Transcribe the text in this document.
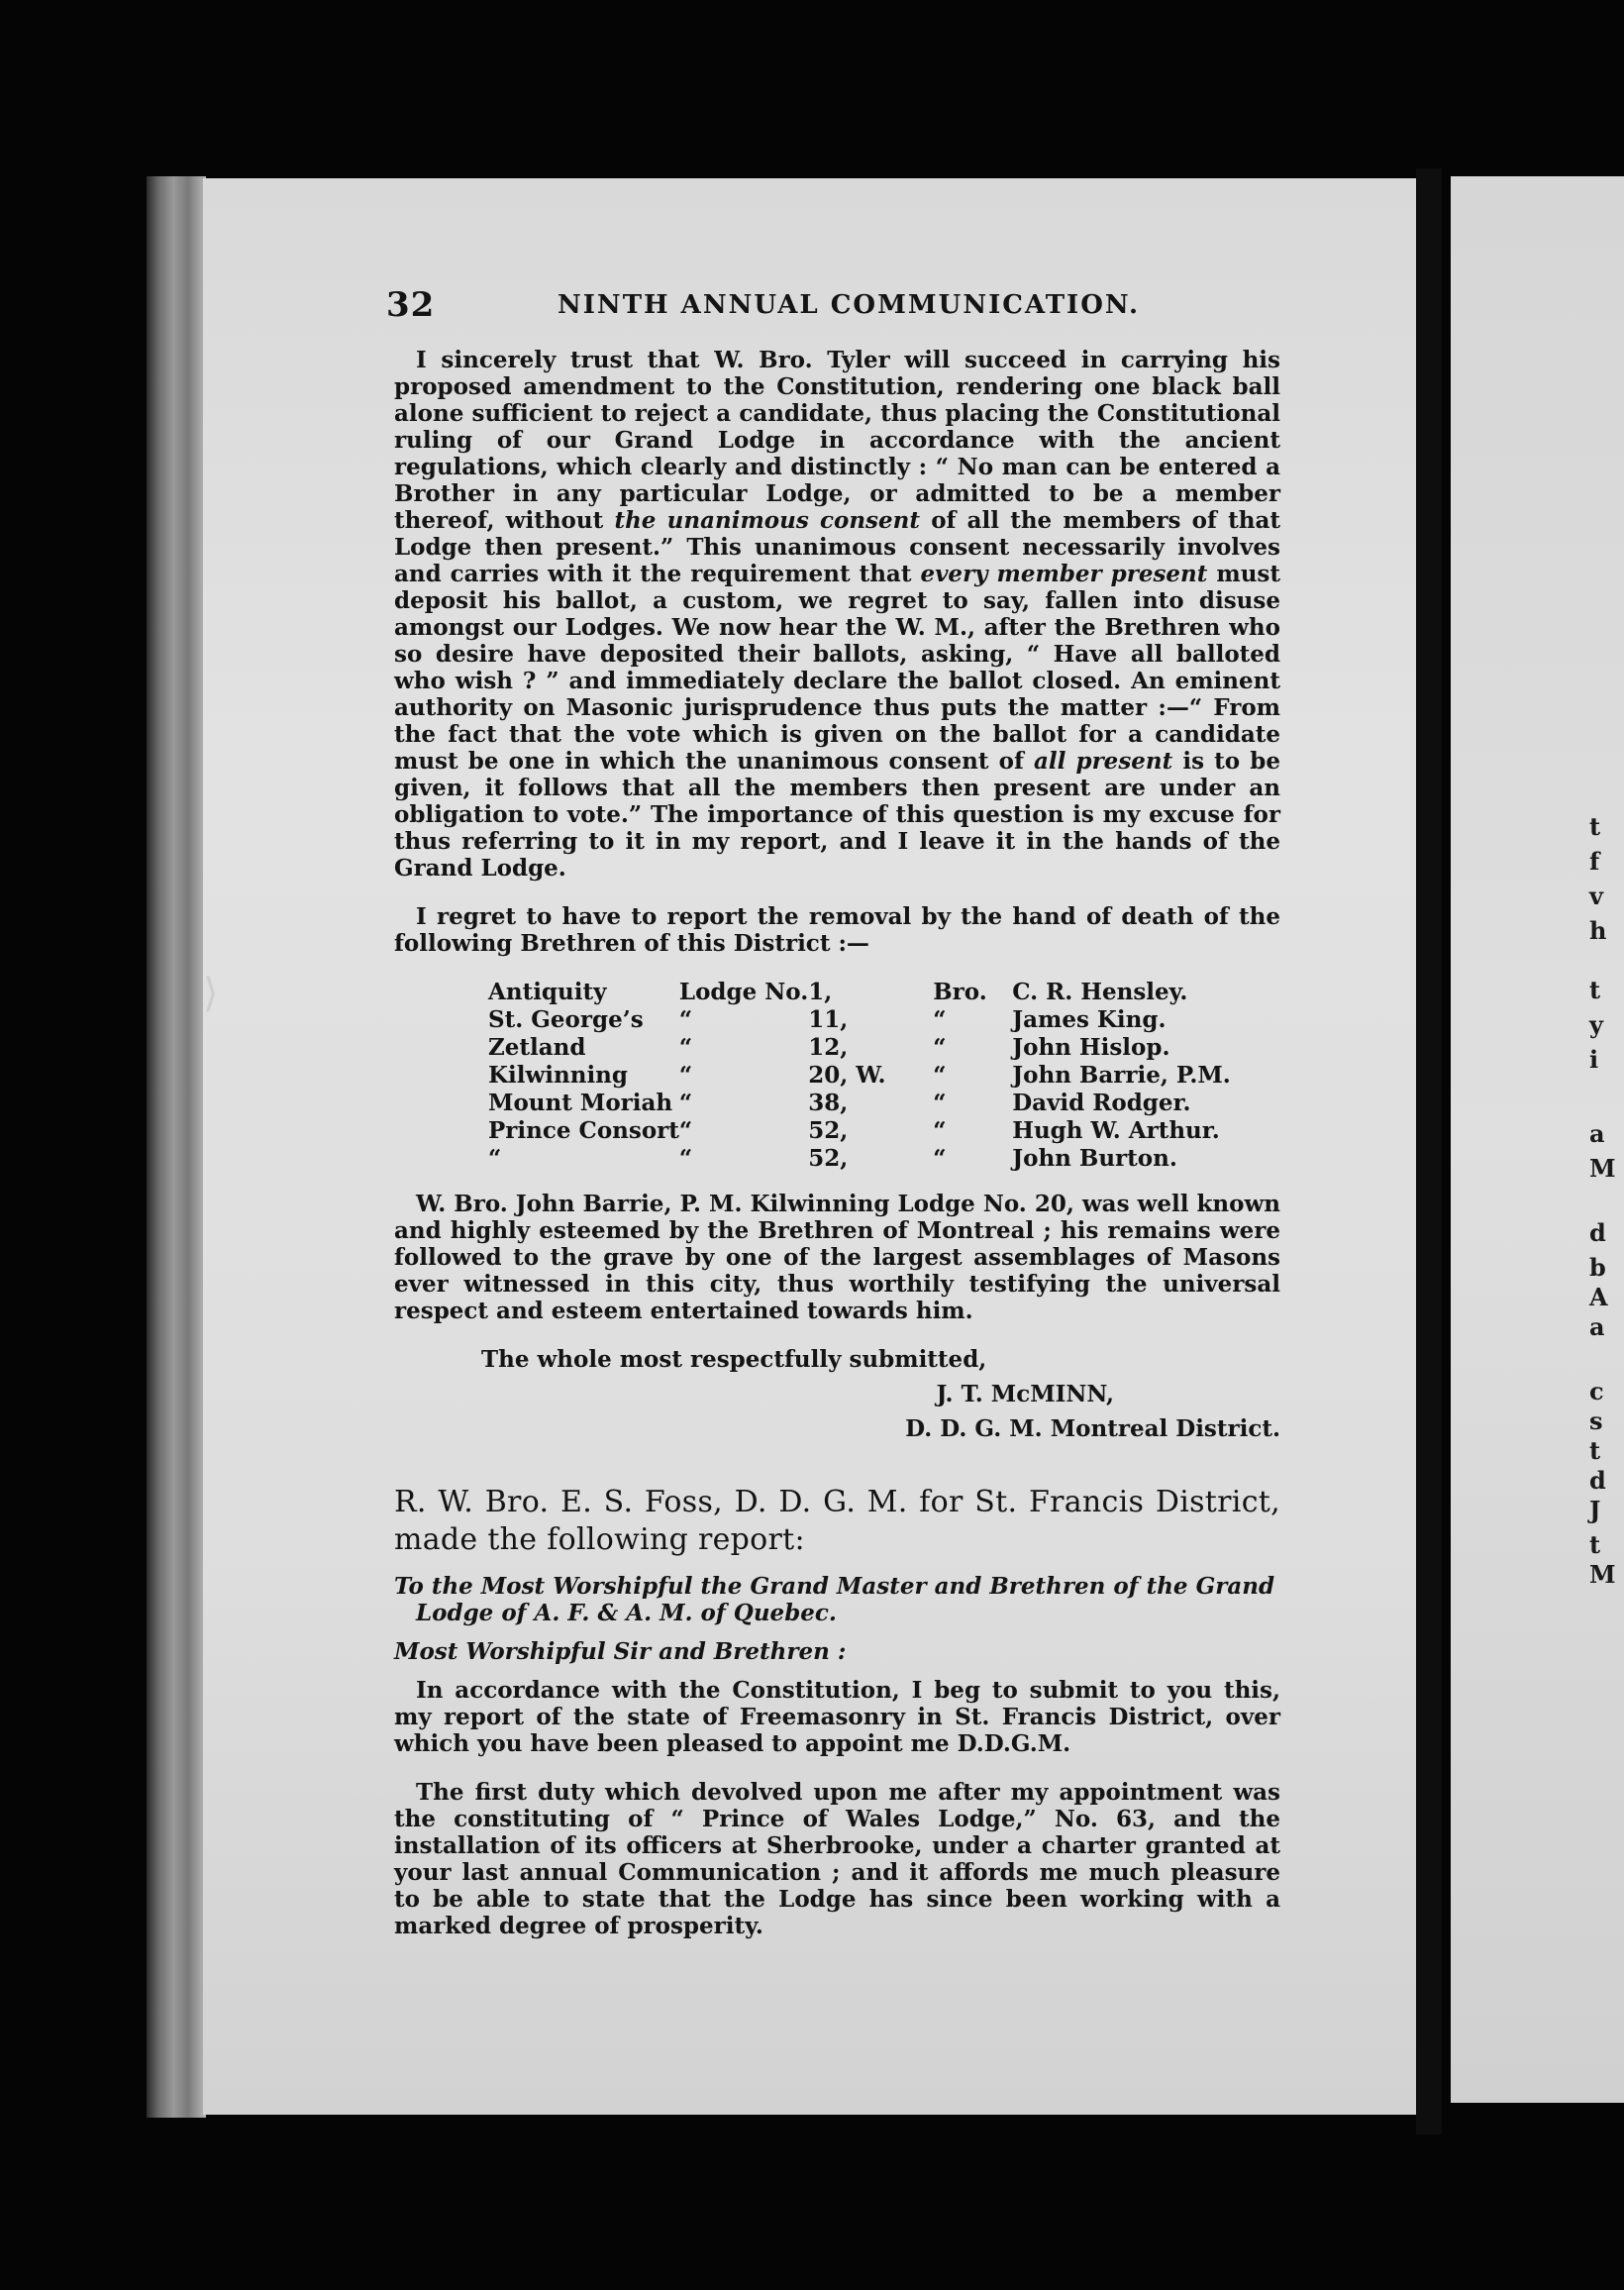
32	NINTH ANNUAL COMMUNICATION.

I sincerely trust that W. Bro. Tyler will succeed in carrying his proposed amendment to the Constitution, rendering one black ball alone sufficient to reject a candidate, thus placing the Constitutional ruling of our Grand Lodge in accordance with the ancient regulations, which clearly and distinctly : “ No man can be entered a Brother in any particular Lodge, or admitted to be a member thereof, without the unanimous consent of all the members of that Lodge then present.” This unanimous consent necessarily involves and carries with it the requirement that every member present must deposit his ballot, a custom, we regret to say, fallen into disuse amongst our Lodges. We now hear the W. M., after the Brethren who so desire have deposited their ballots, asking, “ Have all balloted who wish ? ” and immediately declare the ballot closed. An eminent authority on Masonic jurisprudence thus puts the matter :—“ From the fact that the vote which is given on the ballot for a candidate must be one in which the unanimous consent of all present is to be given, it follows that all the members then present are under an obligation to vote.” The importance of this question is my excuse for thus referring to it in my report, and I leave it in the hands of the Grand Lodge.

I regret to have to report the removal by the hand of death of the following Brethren of this District :—

Antiquity	Lodge No.	1,	Bro.	C. R. Hensley.
St. George’s	“	11,	“	James King.
Zetland	“	12,	“	John Hislop.
Kilwinning	“	20, W.	“	John Barrie, P.M.
Mount Moriah	“	38,	“	David Rodger.
Prince Consort	“	52,	“	Hugh W. Arthur.
“	“	52,	“	John Burton.

W. Bro. John Barrie, P. M. Kilwinning Lodge No. 20, was well known and highly esteemed by the Brethren of Montreal ; his remains were followed to the grave by one of the largest assemblages of Masons ever witnessed in this city, thus worthily testifying the universal respect and esteem entertained towards him.

The whole most respectfully submitted,
J. T. McMINN,
D. D. G. M. Montreal District.
R. W. Bro. E. S. Foss, D. D. G. M. for St. Francis District, made the following report:
To the Most Worshipful the Grand Master and Brethren of the Grand Lodge of A. F. & A. M. of Quebec.
Most Worshipful Sir and Brethren :

In accordance with the Constitution, I beg to submit to you this, my report of the state of Freemasonry in St. Francis District, over which you have been pleased to appoint me D.D.G.M.

The first duty which devolved upon me after my appointment was the constituting of “ Prince of Wales Lodge,” No. 63, and the installation of its officers at Sherbrooke, under a charter granted at your last annual Communication ; and it affords me much pleasure to be able to state that the Lodge has since been working with a marked degree of prosperity.

t
f
v
h
t
y
i
a
M
d
b
A
a
c
s
t
d
J
t
M
⟩
